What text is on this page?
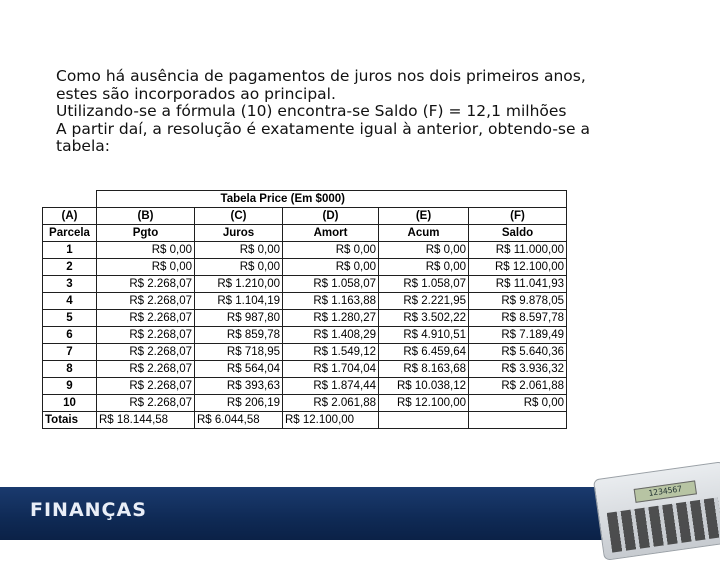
Como há ausência de pagamentos de juros nos dois primeiros anos,
estes são incorporados ao principal.
Utilizando-se a fórmula (10) encontra-se Saldo (F) = 12,1 milhões
A partir daí, a resolução é exatamente igual à anterior, obtendo-se a
tabela:
	Tabela Price (Em $000)				
(A)	(B)	(C)	(D)	(E)	(F)
Parcela	Pgto	Juros	Amort	Acum	Saldo
1	R$ 0,00	R$ 0,00	R$ 0,00	R$ 0,00	R$ 11.000,00
2	R$ 0,00	R$ 0,00	R$ 0,00	R$ 0,00	R$ 12.100,00
3	R$ 2.268,07	R$ 1.210,00	R$ 1.058,07	R$ 1.058,07	R$ 11.041,93
4	R$ 2.268,07	R$ 1.104,19	R$ 1.163,88	R$ 2.221,95	R$ 9.878,05
5	R$ 2.268,07	R$ 987,80	R$ 1.280,27	R$ 3.502,22	R$ 8.597,78
6	R$ 2.268,07	R$ 859,78	R$ 1.408,29	R$ 4.910,51	R$ 7.189,49
7	R$ 2.268,07	R$ 718,95	R$ 1.549,12	R$ 6.459,64	R$ 5.640,36
8	R$ 2.268,07	R$ 564,04	R$ 1.704,04	R$ 8.163,68	R$ 3.936,32
9	R$ 2.268,07	R$ 393,63	R$ 1.874,44	R$ 10.038,12	R$ 2.061,88
10	R$ 2.268,07	R$ 206,19	R$ 2.061,88	R$ 12.100,00	R$ 0,00
Totais	R$ 18.144,58	R$ 6.044,58	R$ 12.100,00		
FINANÇAS
1234567
